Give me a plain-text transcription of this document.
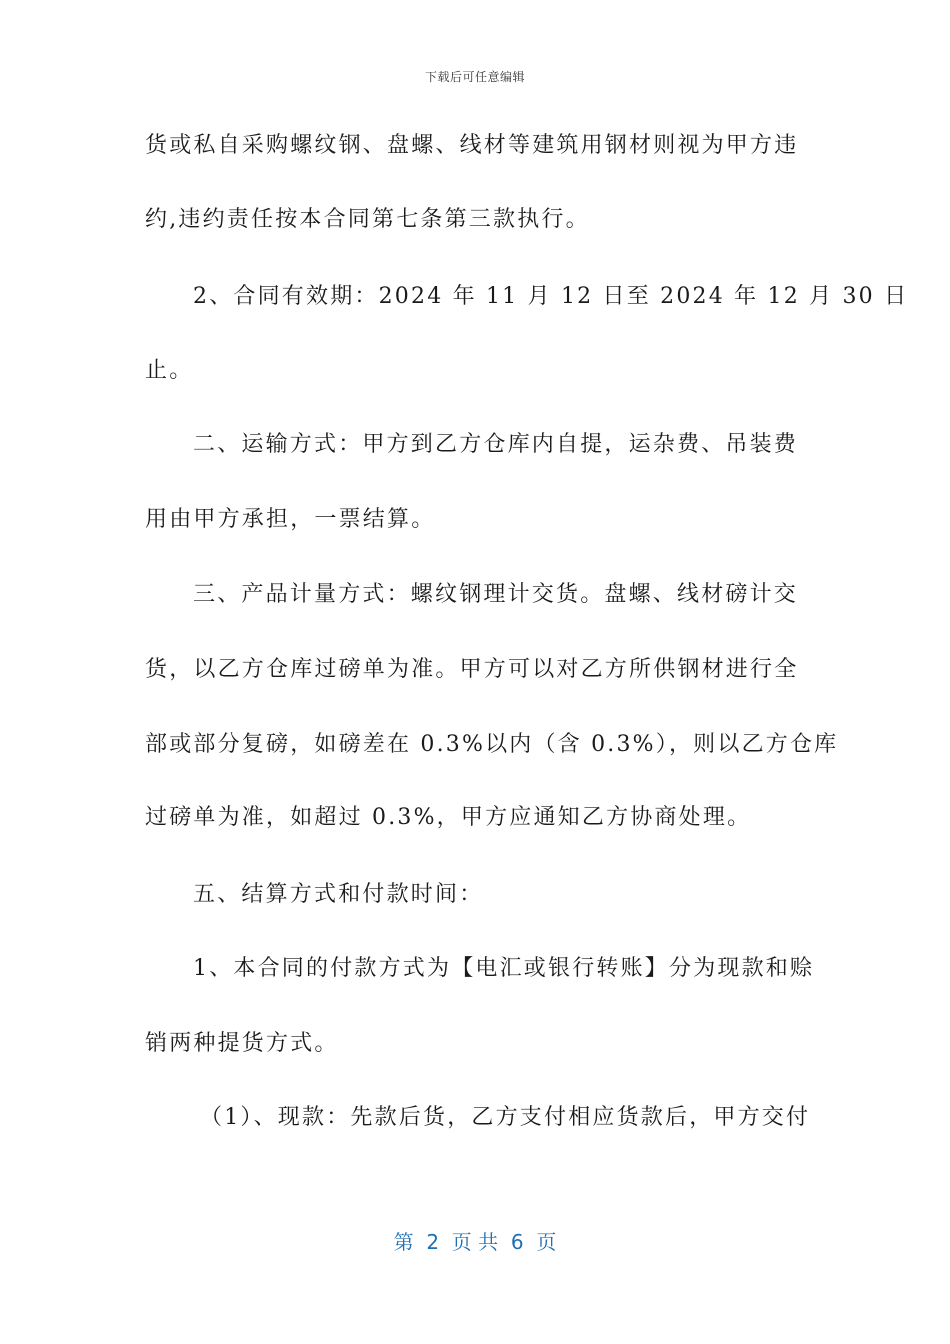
下载后可任意编辑
货或私自采购螺纹钢、盘螺、线材等建筑用钢材则视为甲方违
约,违约责任按本合同第七条第三款执行。
2、合同有效期：2024 年 11 月 12 日至 2024 年 12 月 30 日
止。
二、运输方式：甲方到乙方仓库内自提，运杂费、吊装费
用由甲方承担，一票结算。
三、产品计量方式：螺纹钢理计交货。盘螺、线材磅计交
货，以乙方仓库过磅单为准。甲方可以对乙方所供钢材进行全
部或部分复磅，如磅差在 0.3%以内（含 0.3%），则以乙方仓库
过磅单为准，如超过 0.3%，甲方应通知乙方协商处理。
五、结算方式和付款时间：
1、本合同的付款方式为【电汇或银行转账】分为现款和赊
销两种提货方式。
（1）、现款：先款后货，乙方支付相应货款后，甲方交付
第  2  页 共  6  页
